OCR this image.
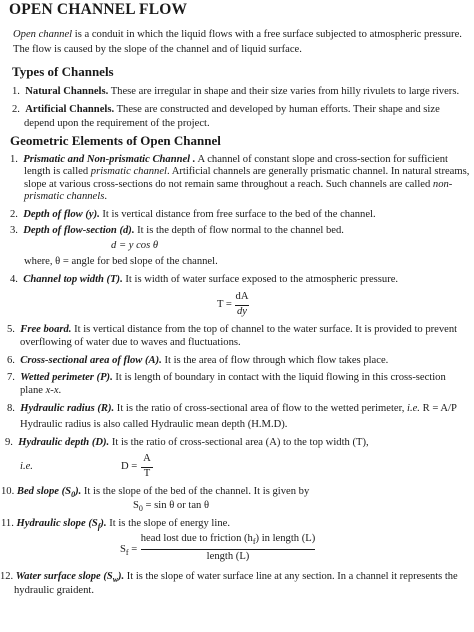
OPEN CHANNEL FLOW
Open channel is a conduit in which the liquid flows with a free surface subjected to atmospheric pressure.
The flow is caused by the slope of the channel and of liquid surface.
Types of Channels
1. Natural Channels. These are irregular in shape and their size varies from hilly rivulets to large rivers.
2. Artificial Channels. These are constructed and developed by human efforts. Their shape and size
depend upon the requirement of the project.
Geometric Elements of Open Channel
1. Prismatic and Non-prismatic Channel . A channel of constant slope and cross-section for sufficient
length is called prismatic channel. Artificial channels are generally prismatic channel. In natural streams,
slope at various cross-sections do not remain same throughout a reach. Such channels are called non-
prismatic channels.
2. Depth of flow (y). It is vertical distance from free surface to the bed of the channel.
3. Depth of flow-section (d). It is the depth of flow normal to the channel bed.
d = y cos θ
where, θ = angle for bed slope of the channel.
4. Channel top width (T). It is width of water surface exposed to the atmospheric pressure.
T =
dA
dy
5. Free board. It is vertical distance from the top of channel to the water surface. It is provided to prevent
overflowing of water due to waves and fluctuations.
6. Cross-sectional area of flow (A). It is the area of flow through which flow takes place.
7. Wetted perimeter (P). It is length of boundary in contact with the liquid flowing in this cross-section
plane x-x.
8. Hydraulic radius (R). It is the ratio of cross-sectional area of flow to the wetted perimeter, i.e. R = A/P
Hydraulic radius is also called Hydraulic mean depth (H.M.D).
9. Hydraulic depth (D). It is the ratio of cross-sectional area (A) to the top width (T),
i.e.	D =
A
T
10. Bed slope $(S_0)$. It is the slope of the bed of the channel. It is given by
$S_0 = \sin \theta$ or tan θ
11. Hydraulic slope $(S_f)$. It is the slope of energy line.
$S_f$ =
head lost due to friction $(h_f)$ in length (L)
length (L)
12. Water surface slope $(S_w)$. It is the slope of water surface line at any section. In a channel it represents the
hydraulic graident.
